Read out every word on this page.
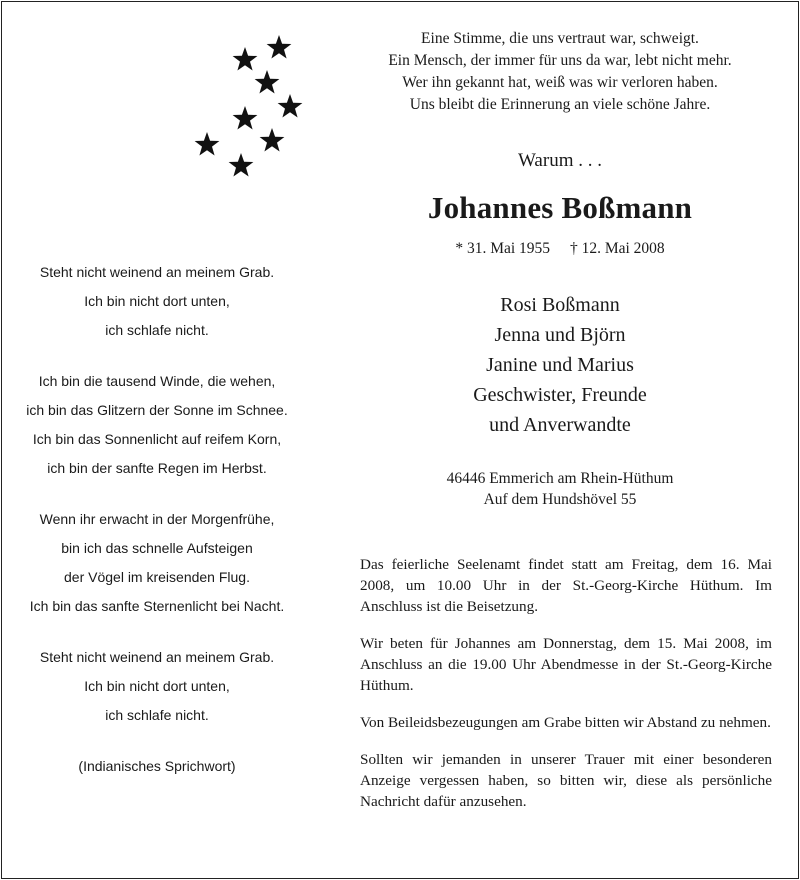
Steht nicht weinend an meinem Grab.
Ich bin nicht dort unten,
ich schlafe nicht.
Ich bin die tausend Winde, die wehen,
ich bin das Glitzern der Sonne im Schnee.
Ich bin das Sonnenlicht auf reifem Korn,
ich bin der sanfte Regen im Herbst.
Wenn ihr erwacht in der Morgenfrühe,
bin ich das schnelle Aufsteigen
der Vögel im kreisenden Flug.
Ich bin das sanfte Sternenlicht bei Nacht.
Steht nicht weinend an meinem Grab.
Ich bin nicht dort unten,
ich schlafe nicht.
(Indianisches Sprichwort)
Eine Stimme, die uns vertraut war, schweigt.
Ein Mensch, der immer für uns da war, lebt nicht mehr.
Wer ihn gekannt hat, weiß was wir verloren haben.
Uns bleibt die Erinnerung an viele schöne Jahre.
Warum . . .
Johannes Boßmann
* 31. Mai 1955 † 12. Mai 2008
Rosi Boßmann
Jenna und Björn
Janine und Marius
Geschwister, Freunde
und Anverwandte
46446 Emmerich am Rhein-Hüthum
Auf dem Hundshövel 55

Das feierliche Seelenamt findet statt am Freitag, dem 16. Mai 2008, um 10.00 Uhr in der St.-Georg-Kirche Hüthum. Im Anschluss ist die Beisetzung.

Wir beten für Johannes am Donnerstag, dem 15. Mai 2008, im Anschluss an die 19.00 Uhr Abendmesse in der St.-Georg-Kirche Hüthum.

Von Beileidsbezeugungen am Grabe bitten wir Abstand zu nehmen.

Sollten wir jemanden in unserer Trauer mit einer besonderen Anzeige vergessen haben, so bitten wir, diese als persönliche Nachricht dafür anzusehen.
